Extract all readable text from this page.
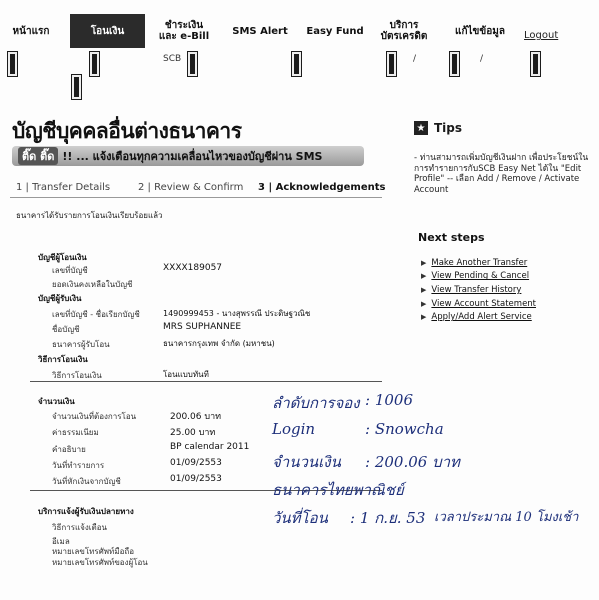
หน้าแรก	โอนเงิน	ชำระเงิน
และ e-Bill SMS Alert Easy Fund	บริการ
บัตรเครดิต	แก้ไขข้อมูล Logout
SCB	/	/
บัญชีบุคคลอื่นต่างธนาคาร
ติ๊ด ติ๊ด !! ... แจ้งเตือนทุกความเคลื่อนไหวของบัญชีผ่าน SMS
1 | Transfer Details	2 | Review & Confirm 3 | Acknowledgements
ธนาคารได้รับรายการโอนเงินเรียบร้อยแล้ว
บัญชีผู้โอนเงิน
เลขที่บัญชี	XXXX189057
ยอดเงินคงเหลือในบัญชี
บัญชีผู้รับเงิน
เลขที่บัญชี - ชื่อเรียกบัญชี	1490999453 - นางสุพรรณี ประดิษฐวณิช
ชื่อบัญชี	MRS SUPHANNEE
ธนาคารผู้รับโอน	ธนาคารกรุงเทพ จำกัด (มหาชน)
วิธีการโอนเงิน
วิธีการโอนเงิน	โอนแบบทันที
จำนวนเงิน
จำนวนเงินที่ต้องการโอน	200.06 บาท
ค่าธรรมเนียม	25.00 บาท
คำอธิบาย	BP calendar 2011
วันที่ทำรายการ	01/09/2553
วันที่หักเงินจากบัญชี	01/09/2553
บริการแจ้งผู้รับเงินปลายทาง
วิธีการแจ้งเตือน
อีเมล
หมายเลขโทรศัพท์มือถือ
หมายเลขโทรศัพท์ของผู้โอน
ลำดับการจอง : 1006
Login	: Snowcha
จำนวนเงิน : 200.06 บาท
ธนาคารไทยพาณิชย์
วันที่โอน : 1 ก.ย. 53 เวลาประมาณ 10 โมงเช้า
★ Tips
- ท่านสามารถเพิ่มบัญชีเงินฝาก เพื่อประโยชน์ในการทำรายการกับSCB Easy Net ได้ใน "Edit Profile" -- เลือก Add / Remove / Activate Account
Next steps
▶ Make Another Transfer
▶ View Pending & Cancel
▶ View Transfer History
▶ View Account Statement
▶ Apply/Add Alert Service
